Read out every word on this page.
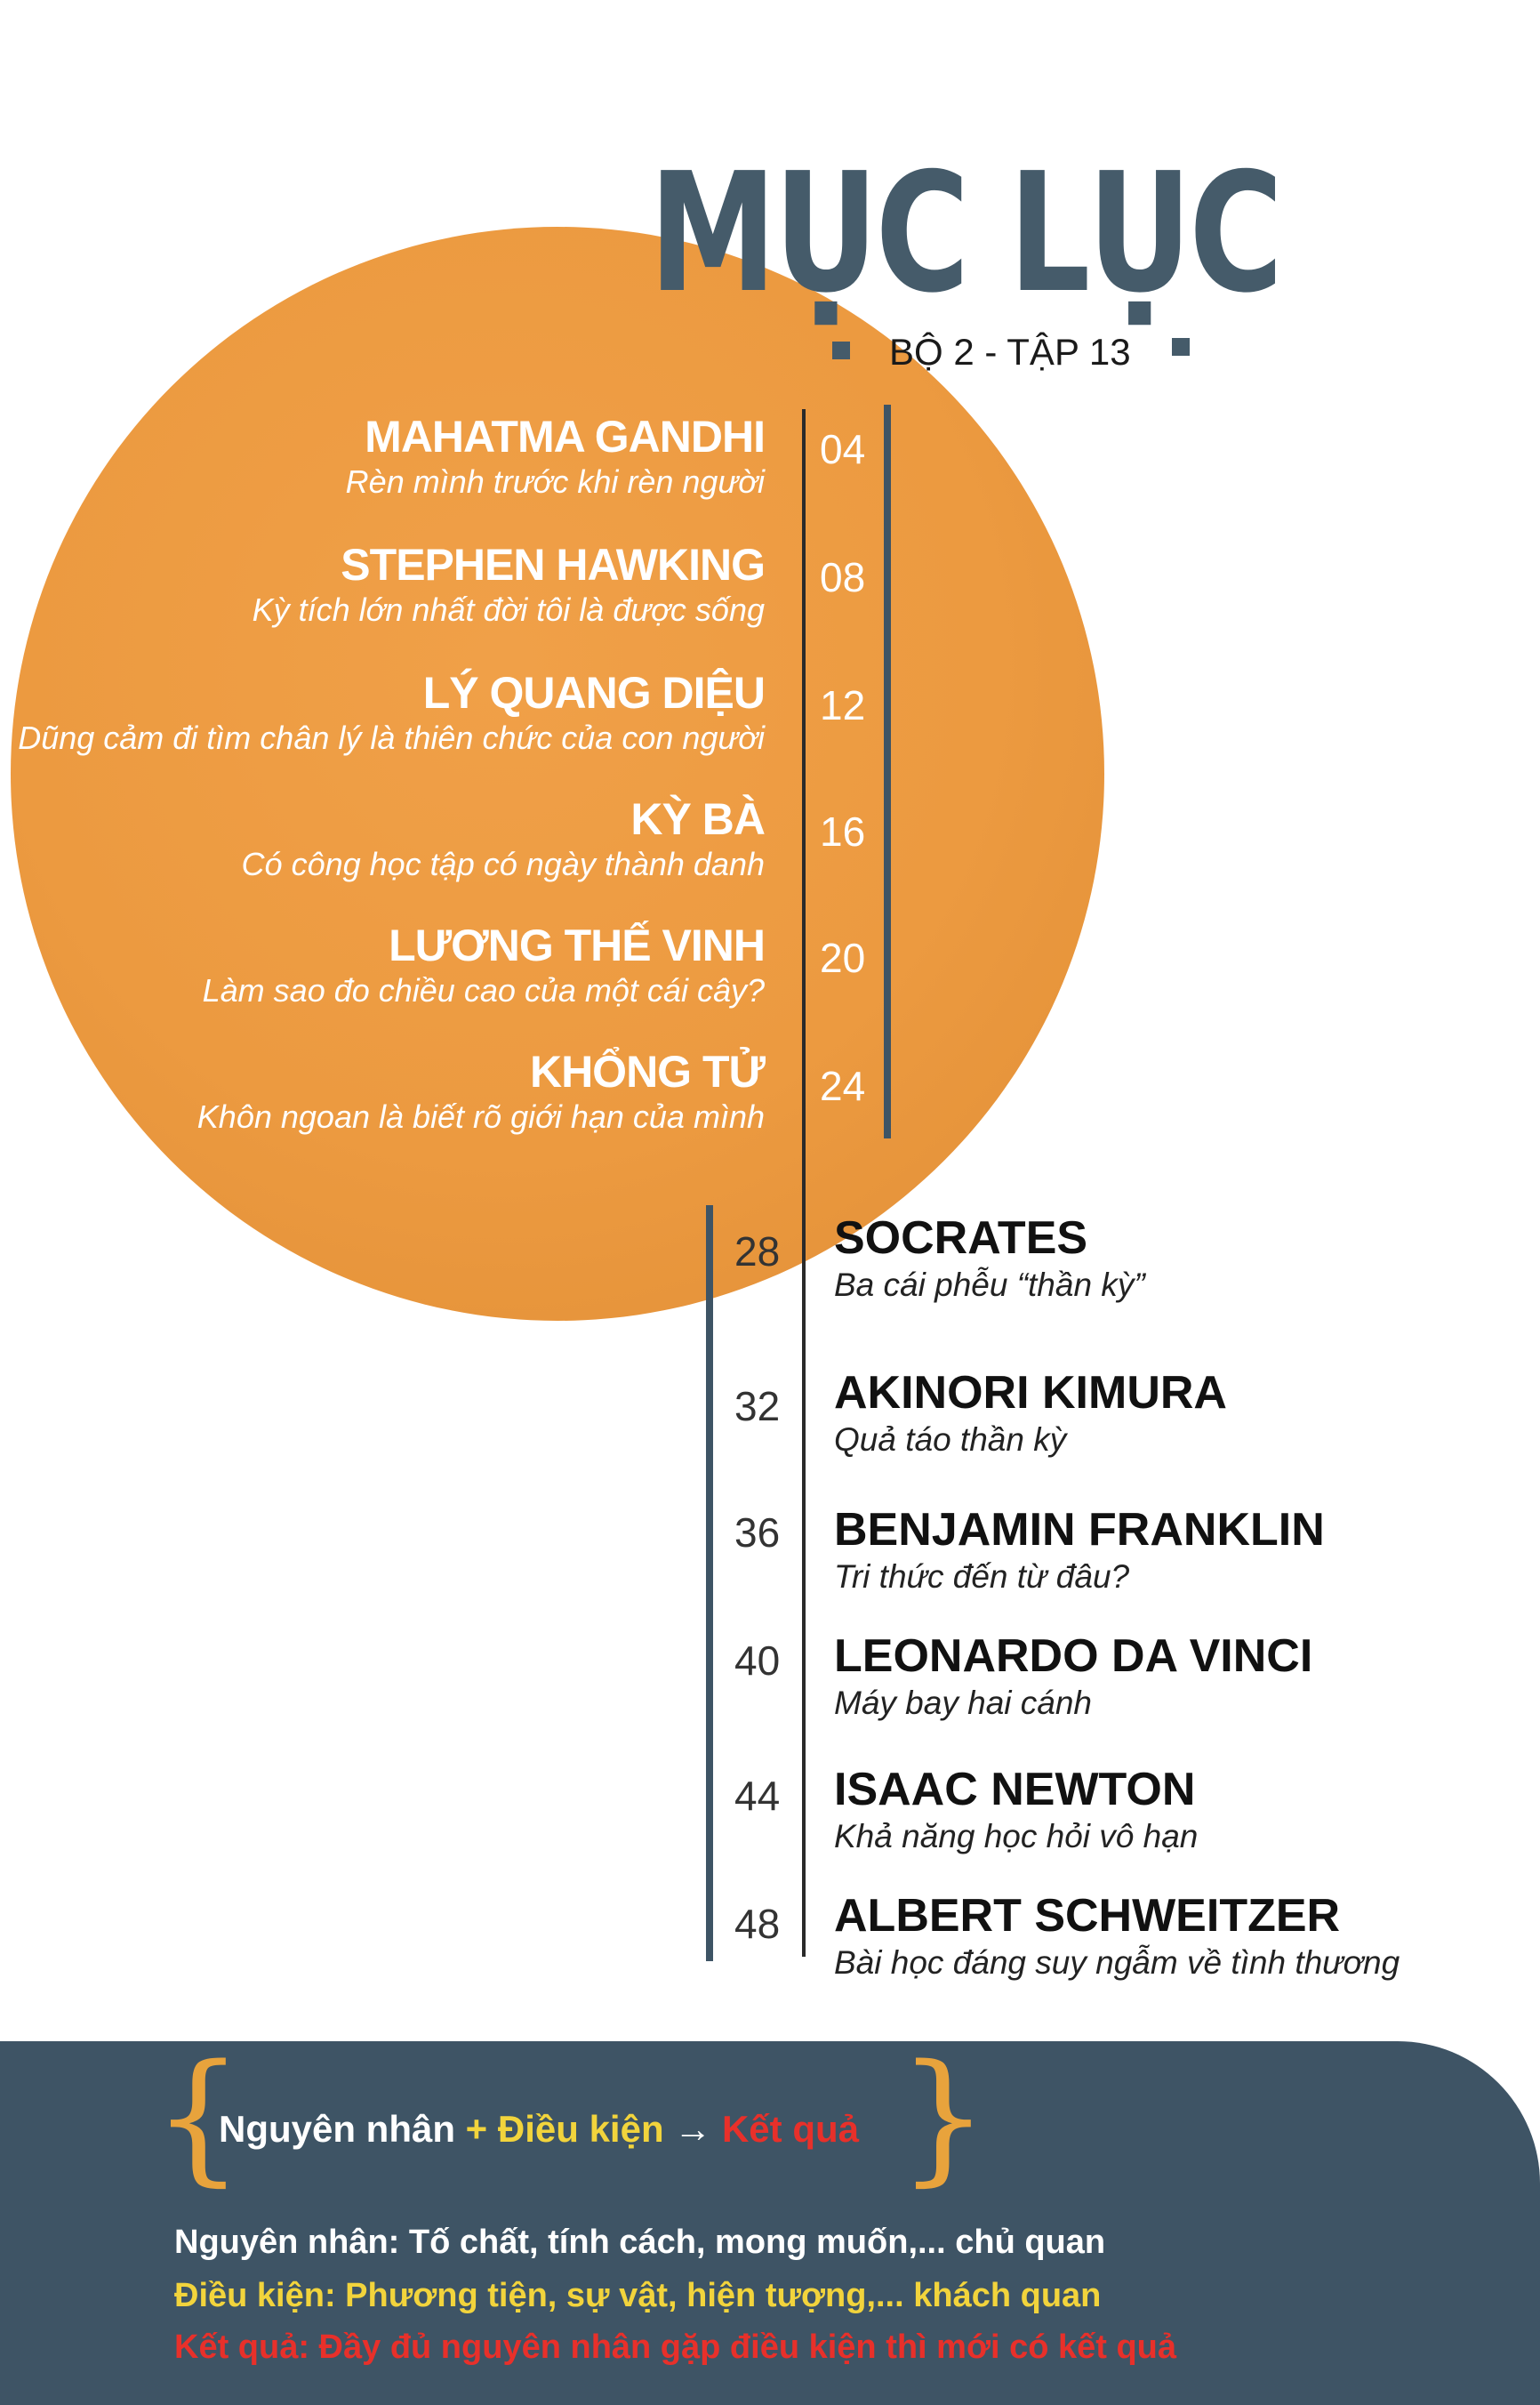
MỤC LỤC
BỘ 2 - TẬP 13
MAHATMA GANDHI
Rèn mình trước khi rèn người
04
STEPHEN HAWKING
Kỳ tích lớn nhất đời tôi là được sống
08
LÝ QUANG DIỆU
Dũng cảm đi tìm chân lý là thiên chức của con người
12
KỲ BÀ
Có công học tập có ngày thành danh
16
LƯƠNG THẾ VINH
Làm sao đo chiều cao của một cái cây?
20
KHỔNG TỬ
Khôn ngoan là biết rõ giới hạn của mình
24
28 SOCRATES
Ba cái phễu “thần kỳ”
32 AKINORI KIMURA
Quả táo thần kỳ
36 BENJAMIN FRANKLIN
Tri thức đến từ đâu?
40 LEONARDO DA VINCI
Máy bay hai cánh
44 ISAAC NEWTON
Khả năng học hỏi vô hạn
48 ALBERT SCHWEITZER
Bài học đáng suy ngẫm về tình thương
{	}
Nguyên nhân + Điều kiện → Kết quả
Nguyên nhân: Tố chất, tính cách, mong muốn,... chủ quan
Điều kiện: Phương tiện, sự vật, hiện tượng,... khách quan
Kết quả: Đầy đủ nguyên nhân gặp điều kiện thì mới có kết quả
